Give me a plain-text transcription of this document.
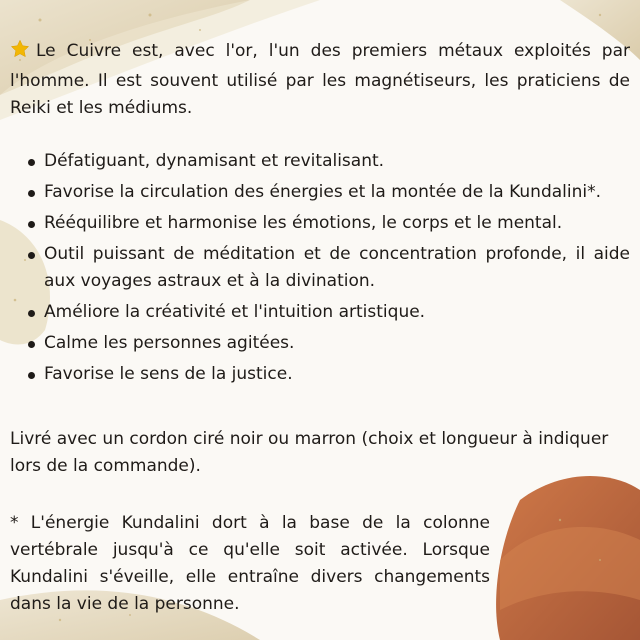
Le Cuivre est, avec l'or, l'un des premiers métaux exploités par l'homme. Il est souvent utilisé par les magnétiseurs, les praticiens de Reiki et les médiums.

Défatiguant, dynamisant et revitalisant.
Favorise la circulation des énergies et la montée de la Kundalini*.
Rééquilibre et harmonise les émotions, le corps et le mental.
Outil puissant de méditation et de concentration profonde, il aide aux voyages astraux et à la divination.
Améliore la créativité et l'intuition artistique.
Calme les personnes agitées.
Favorise le sens de la justice.

Livré avec un cordon ciré noir ou marron (choix et longueur à indiquer lors de la commande).

* L'énergie Kundalini dort à la base de la colonne vertébrale jusqu'à ce qu'elle soit activée. Lorsque Kundalini s'éveille, elle entraîne divers changements dans la vie de la personne.
